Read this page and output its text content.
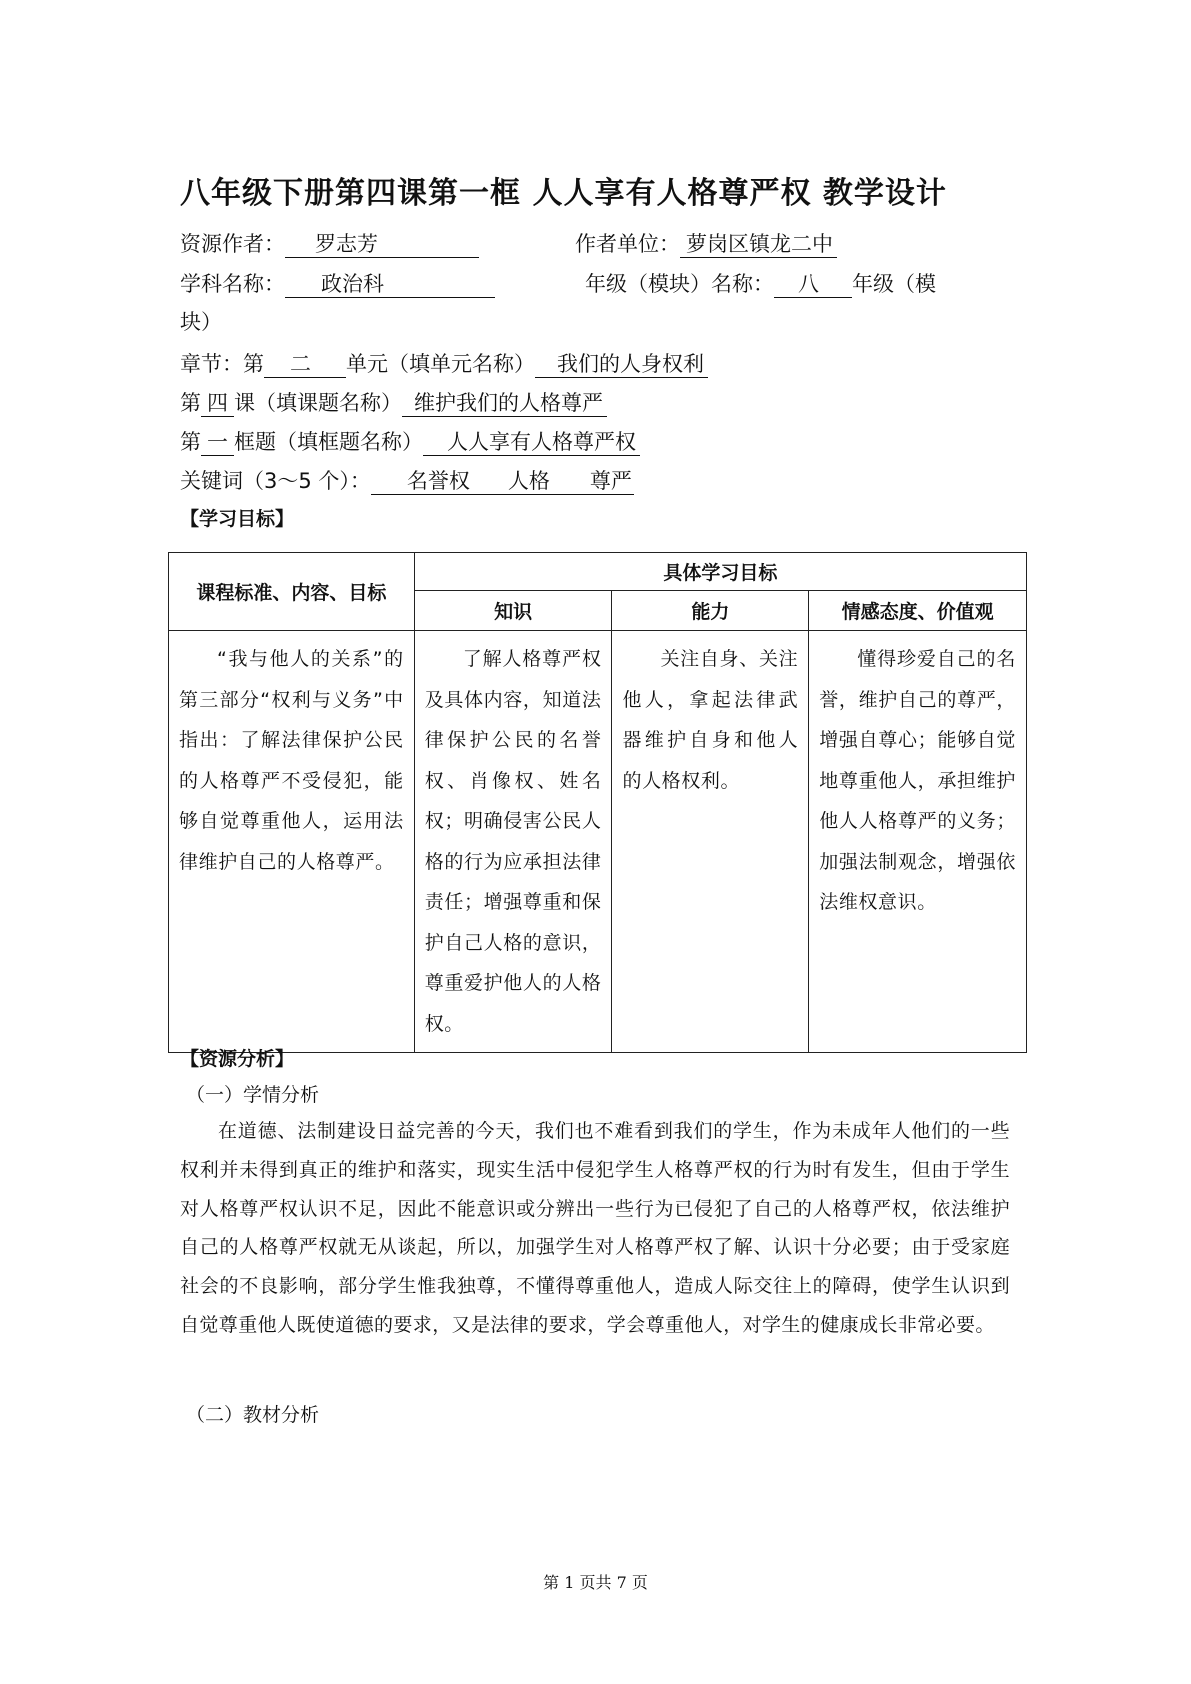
八年级下册第四课第一框 人人享有人格尊严权 教学设计
资源作者： 罗志芳	作者单位： 萝岗区镇龙二中
学科名称： 政治科	年级（模块）名称： 八 年级（模
块）
章节：第 二 单元（填单元名称） 我们的人身权利
第 四 课（填课题名称） 维护我们的人格尊严
第 一 框题（填框题名称） 人人享有人格尊严权
关键词（3～5 个）： 名誉权 人格 尊严
【学习目标】
课程标准、内容、目标	具体学习目标		
	知识	能力	情感态度、价值观

“我与他人的关系”的第三部分“权利与义务”中指出：了解法律保护公民的人格尊严不受侵犯，能够自觉尊重他人，运用法律维护自己的人格尊严。	了解人格尊严权及具体内容，知道法律保护公民的名誉权、肖像权、姓名权；明确侵害公民人格的行为应承担法律责任；增强尊重和保护自己人格的意识，尊重爱护他人的人格权。	关注自身、关注他人，拿起法律武器维护自身和他人的人格权利。	懂得珍爱自己的名誉，维护自己的尊严，增强自尊心；能够自觉地尊重他人，承担维护他人人格尊严的义务；加强法制观念，增强依法维权意识。
【资源分析】
（一）学情分析
在道德、法制建设日益完善的今天，我们也不难看到我们的学生，作为未成年人他们的一些权利并未得到真正的维护和落实，现实生活中侵犯学生人格尊严权的行为时有发生，但由于学生对人格尊严权认识不足，因此不能意识或分辨出一些行为已侵犯了自己的人格尊严权，依法维护自己的人格尊严权就无从谈起，所以，加强学生对人格尊严权了解、认识十分必要；由于受家庭社会的不良影响，部分学生惟我独尊，不懂得尊重他人，造成人际交往上的障碍，使学生认识到自觉尊重他人既使道德的要求，又是法律的要求，学会尊重他人，对学生的健康成长非常必要。
（二）教材分析
第 1 页共 7 页
